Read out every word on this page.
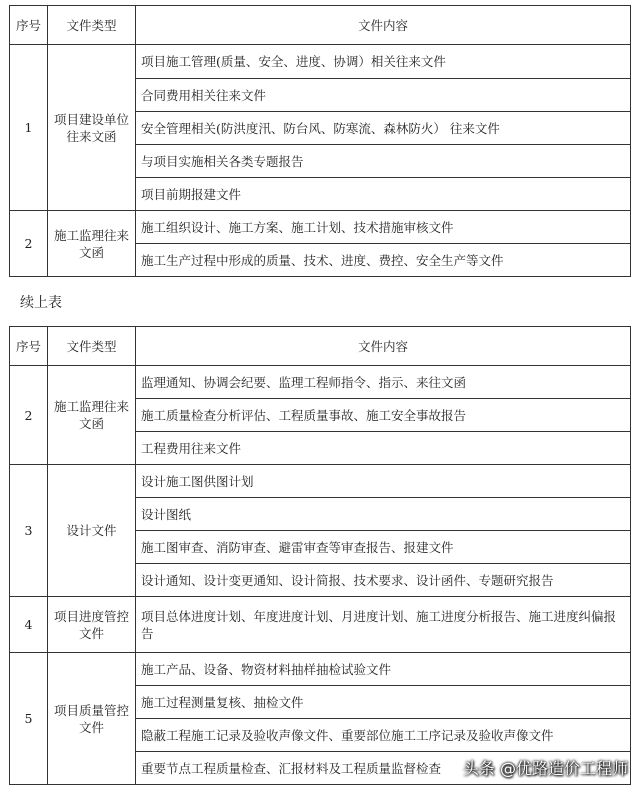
序号	文件类型	文件内容
1	项目建设单位往来文函	项目施工管理(质量、安全、进度、协调）相关往来文件
		合同费用相关往来文件
		安全管理相关(防洪度汛、防台风、防寒流、森林防火） 往来文件
		与项目实施相关各类专题报告
		项目前期报建文件
2	施工监理往来文函	施工组织设计、施工方案、施工计划、技术措施审核文件
		施工生产过程中形成的质量、技术、进度、费控、安全生产等文件
续上表
序号	文件类型	文件内容
2	施工监理往来文函	监理通知、协调会纪要、监理工程师指令、指示、来往文函
		施工质量检查分析评估、工程质量事故、施工安全事故报告
		工程费用往来文件
3	设计文件	设计施工图供图计划
		设计图纸
		施工图审查、消防审查、避雷审查等审查报告、报建文件
		设计通知、设计变更通知、设计简报、技术要求、设计函件、专题研究报告
4	项目进度管控文件	项目总体进度计划、年度进度计划、月进度计划、施工进度分析报告、施工进度纠偏报告
5	项目质量管控文件	施工产品、设备、物资材料抽样抽检试验文件
		施工过程测量复核、抽检文件
		隐蔽工程施工记录及验收声像文件、重要部位施工工序记录及验收声像文件
		重要节点工程质量检查、汇报材料及工程质量监督检查 头条 @优路造价工程师
